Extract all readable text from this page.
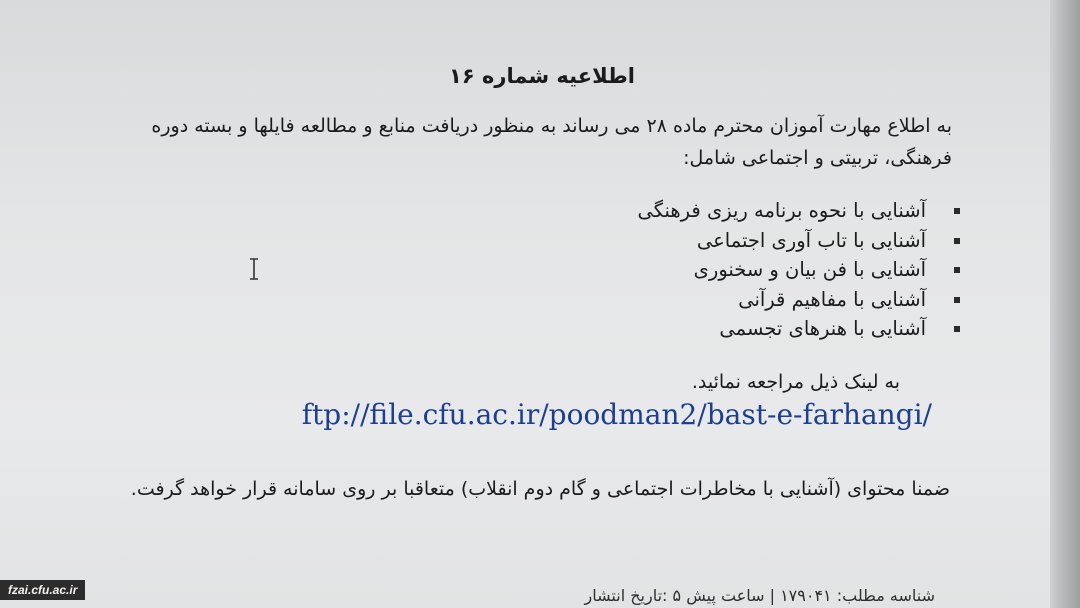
اطلاعیه شماره ۱۶
به اطلاع مهارت آموزان محترم ماده ۲۸ می رساند به منظور دریافت منابع و مطالعه فایلها و بسته دوره فرهنگی، تربیتی و اجتماعی شامل:
آشنایی با نحوه برنامه ریزی فرهنگی
آشنایی با تاب آوری اجتماعی
آشنایی با فن بیان و سخنوری
آشنایی با مفاهیم قرآنی
آشنایی با هنرهای تجسمی
به لینک ذیل مراجعه نمائید.
ftp://file.cfu.ac.ir/poodman2/bast-e-farhangi/
ضمنا محتوای (آشنایی با مخاطرات اجتماعی و گام دوم انقلاب) متعاقبا بر روی سامانه قرار خواهد گرفت.
شناسه مطلب: ۱۷۹۰۴۱ | ساعت پیش ۵ :تاریخ انتشار
fzai.cfu.ac.ir
